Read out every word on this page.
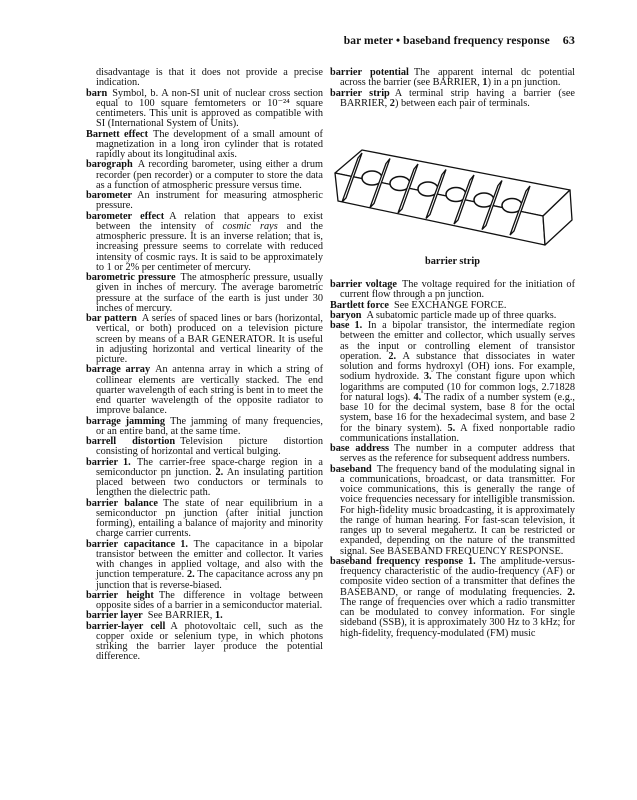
bar meter • baseband frequency response 63

disadvantage is that it does not provide a precise indication.

barn Symbol, b. A non-SI unit of nuclear cross section equal to 100 square femtometers or 10⁻²⁴ square centimeters. This unit is approved as compatible with SI (International System of Units).

Barnett effect The development of a small amount of magnetization in a long iron cylinder that is rotated rapidly about its longitudinal axis.

barograph A recording barometer, using either a drum recorder (pen recorder) or a computer to store the data as a function of atmospheric pressure versus time.

barometer An instrument for measuring atmospheric pressure.

barometer effect A relation that appears to exist between the intensity of cosmic rays and the atmospheric pressure. It is an inverse relation; that is, increasing pressure seems to correlate with reduced intensity of cosmic rays. It is said to be approximately to 1 or 2% per centimeter of mercury.

barometric pressure The atmospheric pressure, usually given in inches of mercury. The average barometric pressure at the surface of the earth is just under 30 inches of mercury.

bar pattern A series of spaced lines or bars (horizontal, vertical, or both) produced on a television picture screen by means of a BAR GENERATOR. It is useful in adjusting horizontal and vertical linearity of the picture.

barrage array An antenna array in which a string of collinear elements are vertically stacked. The end quarter wavelength of each string is bent in to meet the end quarter wavelength of the opposite radiator to improve balance.

barrage jamming The jamming of many frequencies, or an entire band, at the same time.

barrell distortion Television picture distortion consisting of horizontal and vertical bulging.

barrier 1. The carrier-free space-charge region in a semiconductor pn junction. 2. An insulating partition placed between two conductors or terminals to lengthen the dielectric path.

barrier balance The state of near equilibrium in a semiconductor pn junction (after initial junction forming), entailing a balance of majority and minority charge carrier currents.

barrier capacitance 1. The capacitance in a bipolar transistor between the emitter and collector. It varies with changes in applied voltage, and also with the junction temperature. 2. The capacitance across any pn junction that is reverse-biased.

barrier height The difference in voltage between opposite sides of a barrier in a semiconductor material.

barrier layer See BARRIER, 1.

barrier-layer cell A photovoltaic cell, such as the copper oxide or selenium type, in which photons striking the barrier layer produce the potential difference.

barrier potential The apparent internal dc potential across the barrier (see BARRIER, 1) in a pn junction.

barrier strip A terminal strip having a barrier (see BARRIER, 2) between each pair of terminals.

barrier strip

barrier voltage The voltage required for the initiation of current flow through a pn junction.

Bartlett force See EXCHANGE FORCE.

baryon A subatomic particle made up of three quarks.

base 1. In a bipolar transistor, the intermediate region between the emitter and collector, which usually serves as the input or controlling element of transistor operation. 2. A substance that dissociates in water solution and forms hydroxyl (OH) ions. For example, sodium hydroxide. 3. The constant figure upon which logarithms are computed (10 for common logs, 2.71828 for natural logs). 4. The radix of a number system (e.g., base 10 for the decimal system, base 8 for the octal system, base 16 for the hexadecimal system, and base 2 for the binary system). 5. A fixed nonportable radio communications installation.

base address The number in a computer address that serves as the reference for subsequent address numbers.

baseband The frequency band of the modulating signal in a communications, broadcast, or data transmitter. For voice communications, this is generally the range of voice frequencies necessary for intelligible transmission. For high-fidelity music broadcasting, it is approximately the range of human hearing. For fast-scan television, it ranges up to several megahertz. It can be restricted or expanded, depending on the nature of the transmitted signal. See BASEBAND FREQUENCY RESPONSE.

baseband frequency response 1. The amplitude-versus-frequency characteristic of the audio-frequency (AF) or composite video section of a transmitter that defines the BASEBAND, or range of modulating frequencies. 2. The range of frequencies over which a radio transmitter can be modulated to convey information. For single sideband (SSB), it is approximately 300 Hz to 3 kHz; for high-fidelity, frequency-modulated (FM) music
